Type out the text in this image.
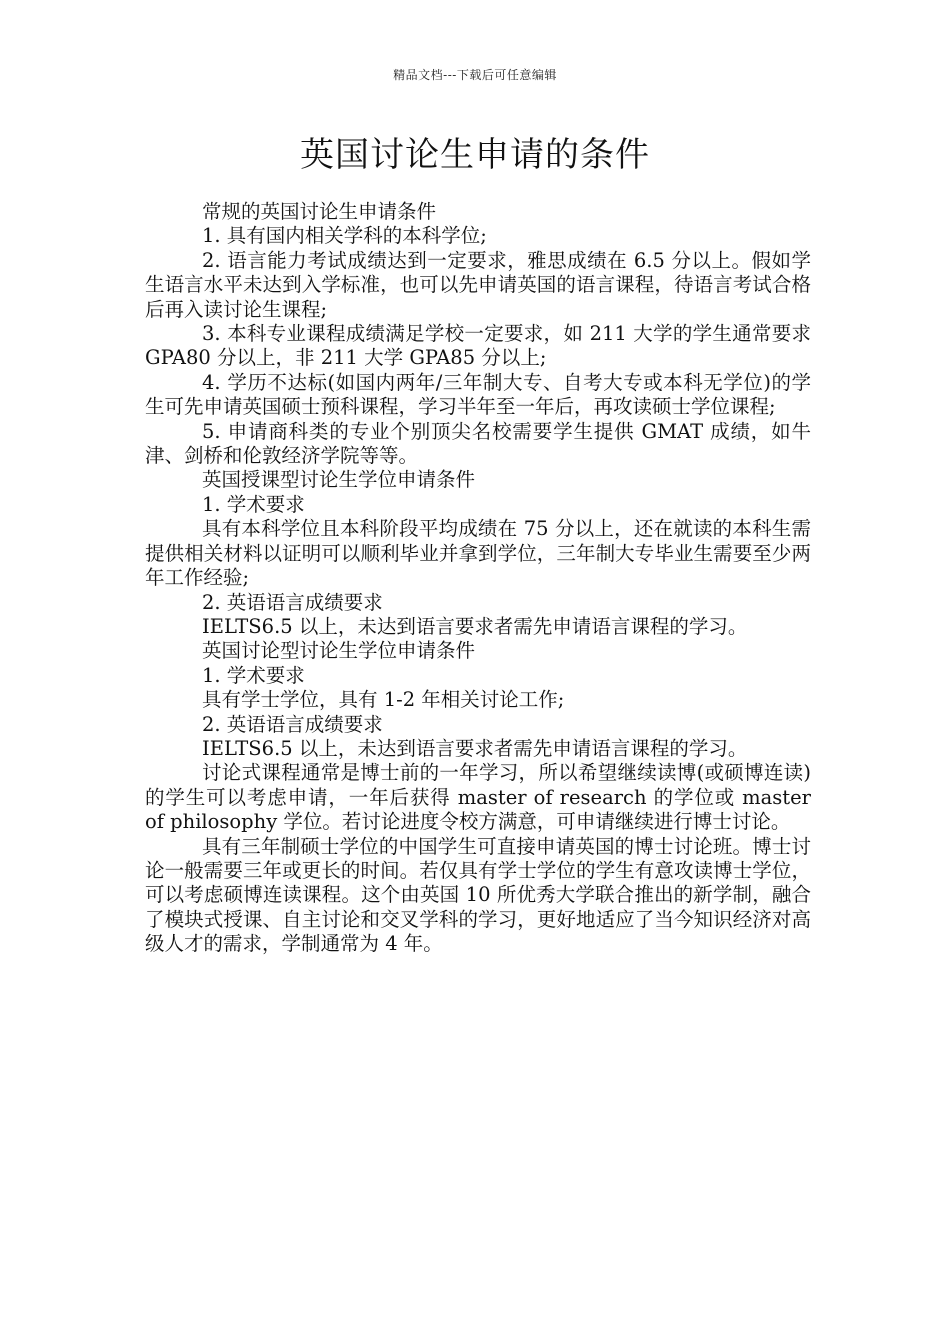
精品文档---下载后可任意编辑
英国讨论生申请的条件

常规的英国讨论生申请条件

1. 具有国内相关学科的本科学位;

2. 语言能力考试成绩达到一定要求，雅思成绩在 6.5 分以上。假如学生语言水平未达到入学标准，也可以先申请英国的语言课程，待语言考试合格后再入读讨论生课程;

3. 本科专业课程成绩满足学校一定要求，如 211 大学的学生通常要求 GPA80 分以上，非 211 大学 GPA85 分以上;

4. 学历不达标(如国内两年/三年制大专、自考大专或本科无学位)的学生可先申请英国硕士预科课程，学习半年至一年后，再攻读硕士学位课程;

5. 申请商科类的专业个别顶尖名校需要学生提供 GMAT 成绩，如牛津、剑桥和伦敦经济学院等等。

英国授课型讨论生学位申请条件

1. 学术要求

具有本科学位且本科阶段平均成绩在 75 分以上，还在就读的本科生需提供相关材料以证明可以顺利毕业并拿到学位，三年制大专毕业生需要至少两年工作经验;

2. 英语语言成绩要求

IELTS6.5 以上，未达到语言要求者需先申请语言课程的学习。

英国讨论型讨论生学位申请条件

1. 学术要求

具有学士学位，具有 1-2 年相关讨论工作;

2. 英语语言成绩要求

IELTS6.5 以上，未达到语言要求者需先申请语言课程的学习。

讨论式课程通常是博士前的一年学习，所以希望继续读博(或硕博连读)的学生可以考虑申请，一年后获得 master of research 的学位或 master of philosophy 学位。若讨论进度令校方满意，可申请继续进行博士讨论。

具有三年制硕士学位的中国学生可直接申请英国的博士讨论班。博士讨论一般需要三年或更长的时间。若仅具有学士学位的学生有意攻读博士学位，可以考虑硕博连读课程。这个由英国 10 所优秀大学联合推出的新学制，融合了模块式授课、自主讨论和交叉学科的学习，更好地适应了当今知识经济对高级人才的需求，学制通常为 4 年。
